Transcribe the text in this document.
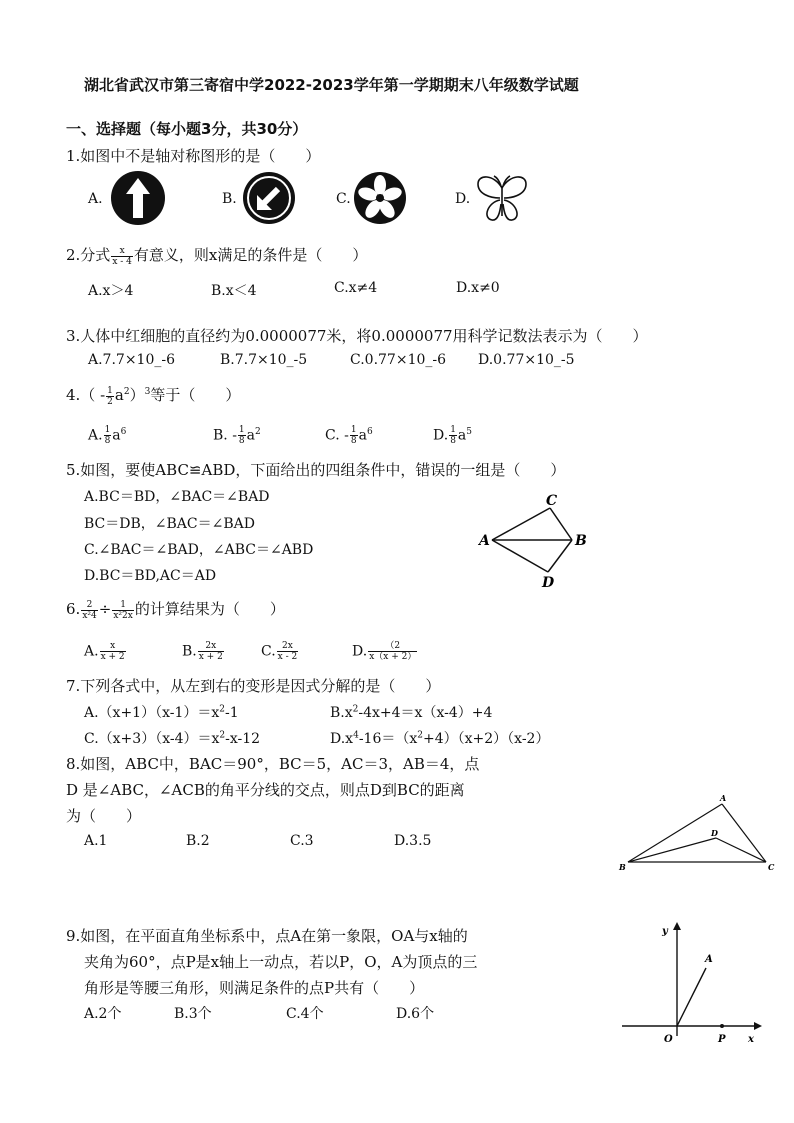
湖北省武汉市第三寄宿中学2022-2023学年第一学期期末八年级数学试题
一、选择题（每小题3分，共30分）
1.如图中不是轴对称图形的是（　　）
A.	B.	C.	D.
2.分式 $\frac{x}{x - 4}$ 有意义，则x满足的条件是（　　）
A.x＞4	B.x＜4	C.x≠4	D.x≠0
3.人体中红细胞的直径约为0.0000077米，将0.0000077用科学记数法表示为（　　）
A.7.7×10_-6	B.7.7×10_-5	C.0.77×10_-6 D.0.77×10_-5
$4.( - \frac{1}{2} a^2)^3$等于（　　）
A. $\frac{1}{8} a^6$	B. - $\frac{1}{8} a^2$	C. - $\frac{1}{8} a^6$	D. $\frac{1}{8} a^5$
5.如图，要使ABC≌ABD，下面给出的四组条件中，错误的一组是（　　）
A.BC＝BD，∠BAC＝∠BAD
BC＝DB，∠BAC＝∠BAD
C.∠BAC＝∠BAD，∠ABC＝∠ABD
D.BC＝BD,AC＝AD
C
A	B
D
6. $\frac{2}{\text{x²4}} \div \frac{1}{\text{x²2x}}$ 的计算结果为（　　）
A. $\frac{x}{x + 2}$	B. $\frac{2x}{x + 2}$	C. $\frac{2x}{x - 2}$	D. $\frac{(2}{x(x + 2)}$
7.下列各式中，从左到右的变形是因式分解的是（　　）
$A.(x+1)(x-1)=x^2-1$	$B.x^2-4x+4=x(x-4)+4$
$C.(x+3)(x-4)=x^2-x-12$	$D.x^4-16=(x^2+4)(x+2)(x-2)$
8.如图，ABC中，BAC＝90°，BC＝5，AC＝3，AB＝4，点
D 是∠ABC，∠ACB的角平分线的交点，则点D到BC的距离
为（　　）
A.1	B.2	C.3	D.3.5
A
B	C
D
9.如图，在平面直角坐标系中，点A在第一象限，OA与x轴的
夹角为60°，点P是x轴上一动点，若以P，O，A为顶点的三
角形是等腰三角形，则满足条件的点P共有（　　）
A.2个	B.3个	C.4个	D.6个
y
A
O	P x
